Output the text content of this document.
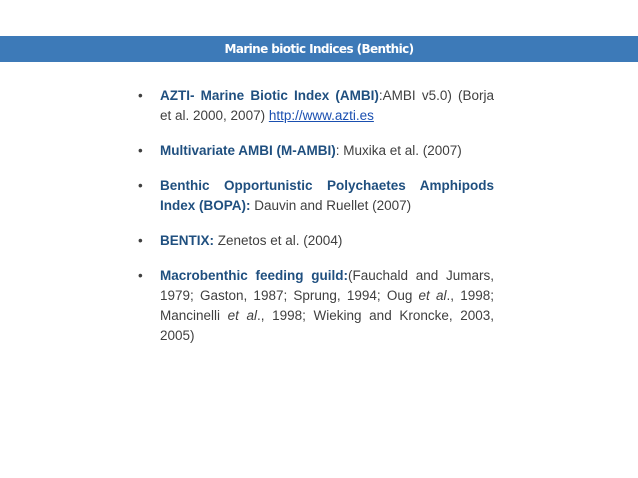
Marine biotic Indices (Benthic)
• AZTI- Marine Biotic Index (AMBI):AMBI v5.0) (Borja et al. 2000, 2007) http://www.azti.es
• Multivariate AMBI (M-AMBI): Muxika et al. (2007)
• Benthic Opportunistic Polychaetes Amphipods Index (BOPA): Dauvin and Ruellet (2007)
• BENTIX: Zenetos et al. (2004)
• Macrobenthic feeding guild:(Fauchald and Jumars, 1979; Gaston, 1987; Sprung, 1994; Oug et al., 1998; Mancinelli et al., 1998; Wieking and Kroncke, 2003, 2005)
